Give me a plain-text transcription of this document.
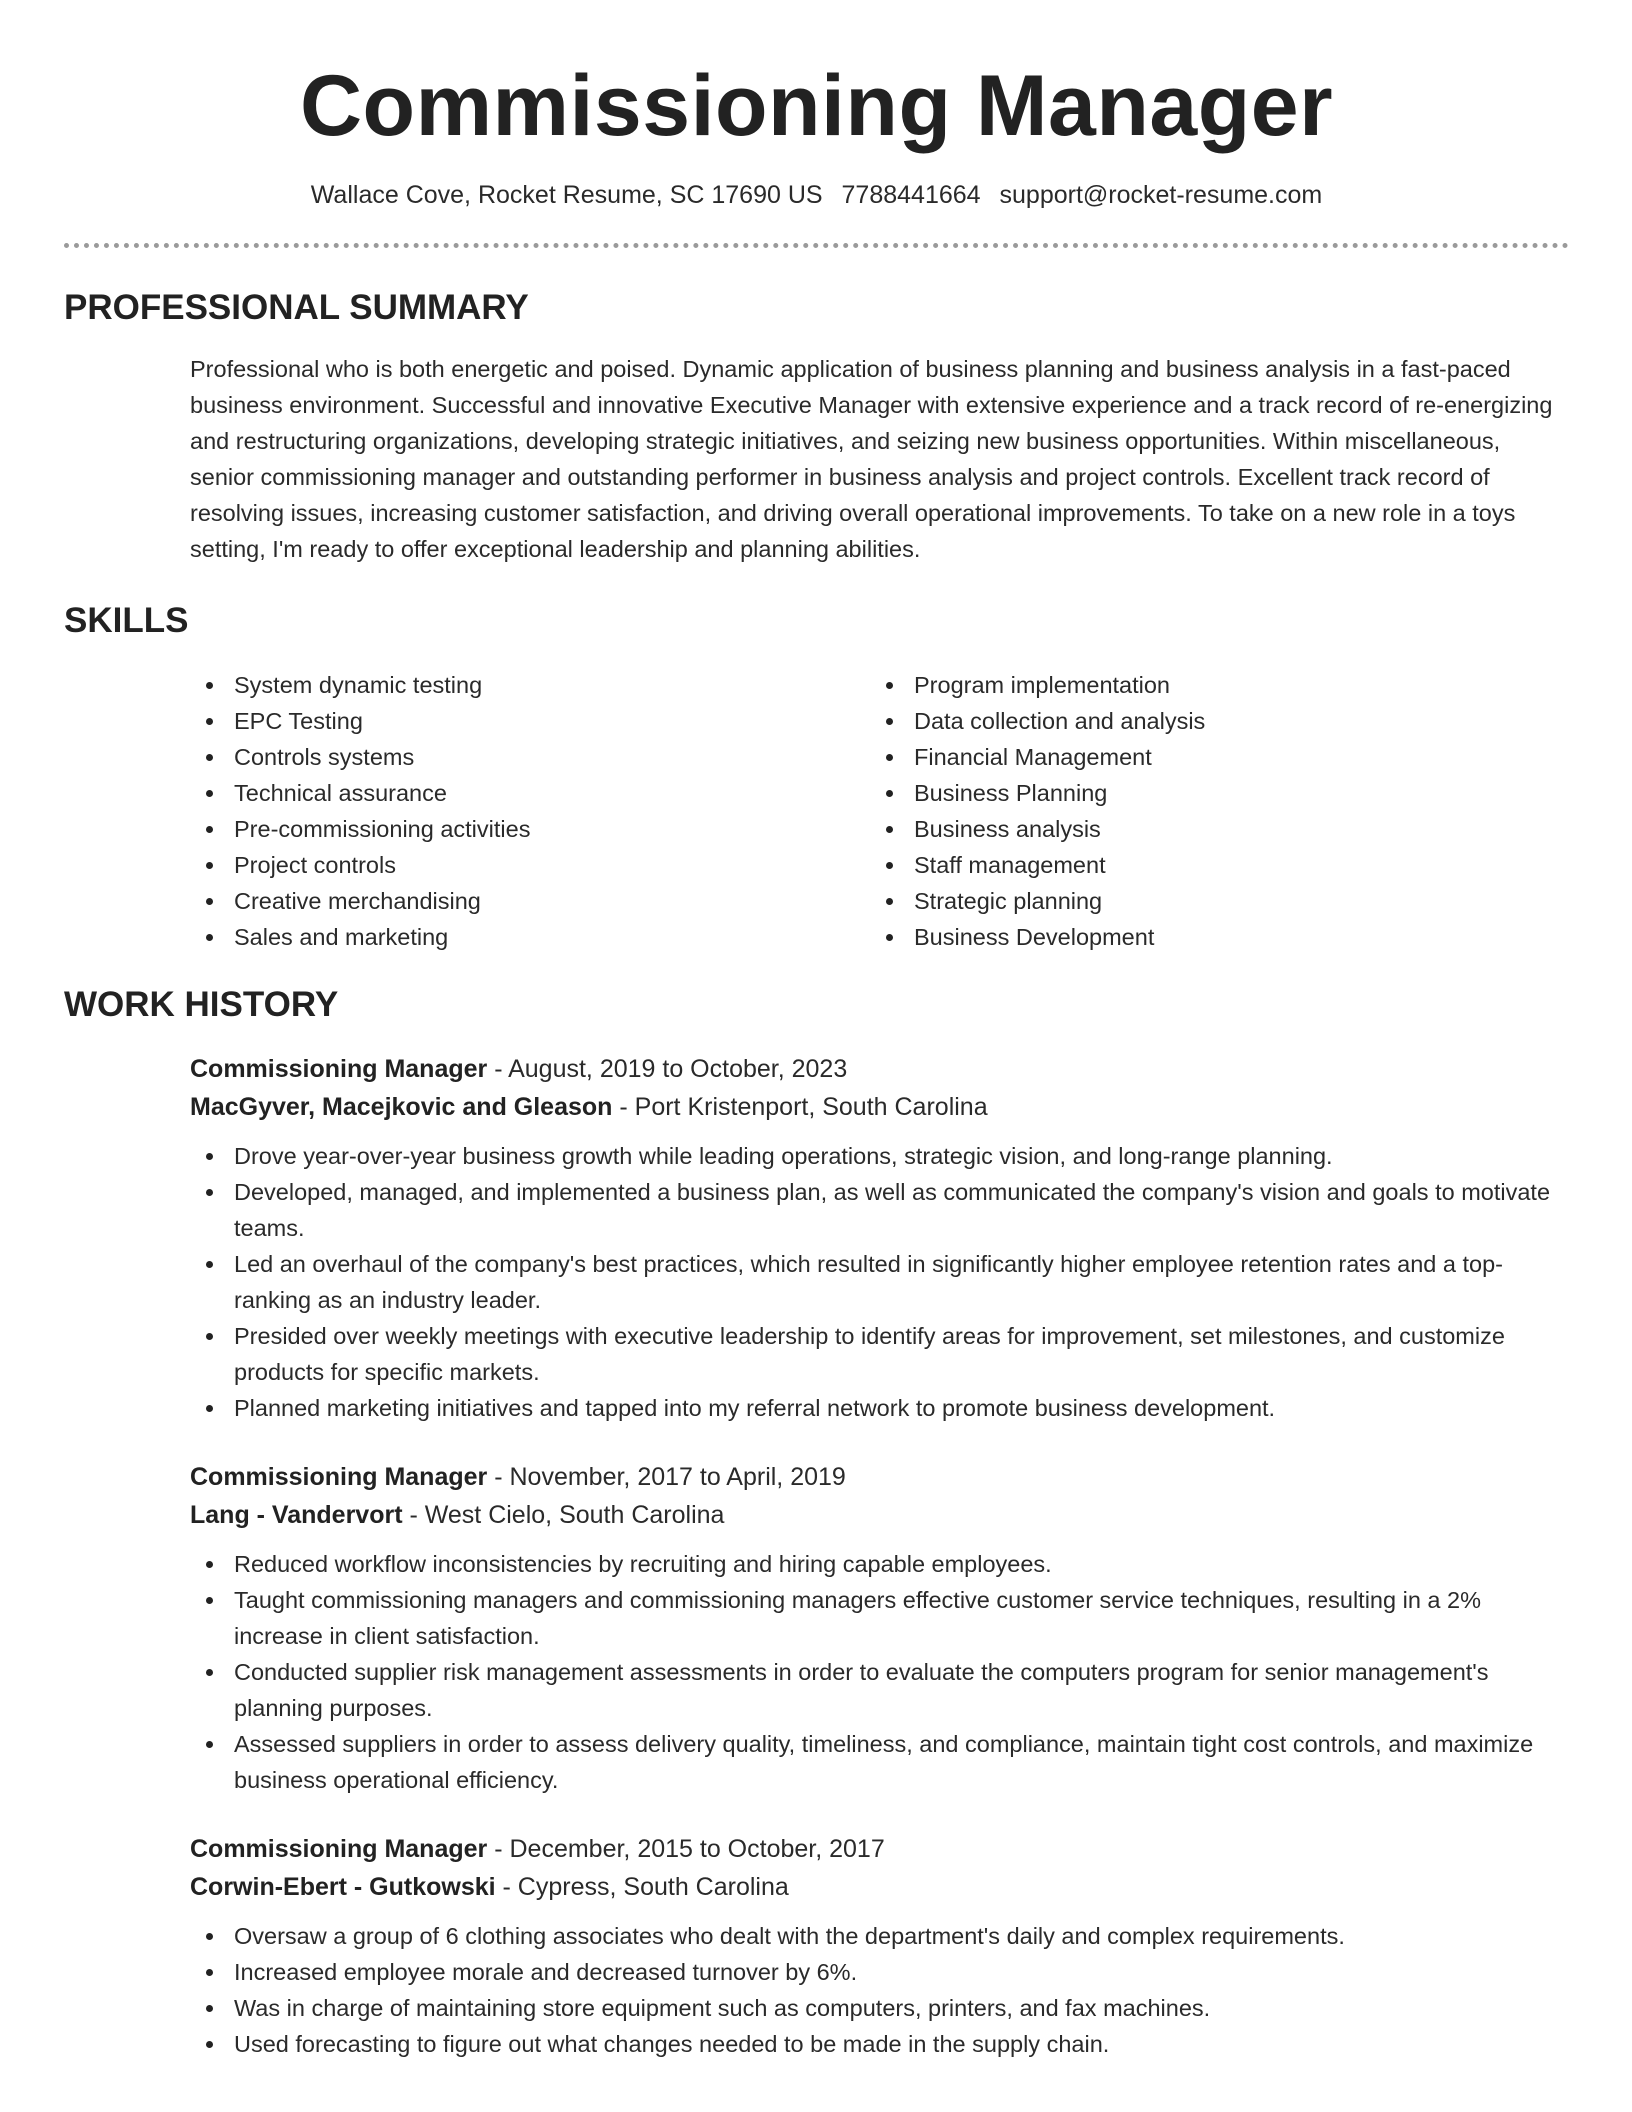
Commissioning Manager
Wallace Cove, Rocket Resume, SC 17690 US 7788441664 support@rocket-resume.com
PROFESSIONAL SUMMARY

Professional who is both energetic and poised. Dynamic application of business planning and business analysis in a fast-paced business environment. Successful and innovative Executive Manager with extensive experience and a track record of re-energizing and restructuring organizations, developing strategic initiatives, and seizing new business opportunities. Within miscellaneous, senior commissioning manager and outstanding performer in business analysis and project controls. Excellent track record of resolving issues, increasing customer satisfaction, and driving overall operational improvements. To take on a new role in a toys setting, I'm ready to offer exceptional leadership and planning abilities.

SKILLS
System dynamic testing
EPC Testing
Controls systems
Technical assurance
Pre-commissioning activities
Project controls
Creative merchandising
Sales and marketing
Program implementation
Data collection and analysis
Financial Management
Business Planning
Business analysis
Staff management
Strategic planning
Business Development
WORK HISTORY
Commissioning Manager - August, 2019 to October, 2023
MacGyver, Macejkovic and Gleason - Port Kristenport, South Carolina
Drove year-over-year business growth while leading operations, strategic vision, and long-range planning.
Developed, managed, and implemented a business plan, as well as communicated the company's vision and goals to motivate teams.
Led an overhaul of the company's best practices, which resulted in significantly higher employee retention rates and a top-ranking as an industry leader.
Presided over weekly meetings with executive leadership to identify areas for improvement, set milestones, and customize products for specific markets.
Planned marketing initiatives and tapped into my referral network to promote business development.
Commissioning Manager - November, 2017 to April, 2019
Lang - Vandervort - West Cielo, South Carolina
Reduced workflow inconsistencies by recruiting and hiring capable employees.
Taught commissioning managers and commissioning managers effective customer service techniques, resulting in a 2% increase in client satisfaction.
Conducted supplier risk management assessments in order to evaluate the computers program for senior management's planning purposes.
Assessed suppliers in order to assess delivery quality, timeliness, and compliance, maintain tight cost controls, and maximize business operational efficiency.
Commissioning Manager - December, 2015 to October, 2017
Corwin-Ebert - Gutkowski - Cypress, South Carolina
Oversaw a group of 6 clothing associates who dealt with the department's daily and complex requirements.
Increased employee morale and decreased turnover by 6%.
Was in charge of maintaining store equipment such as computers, printers, and fax machines.
Used forecasting to figure out what changes needed to be made in the supply chain.
